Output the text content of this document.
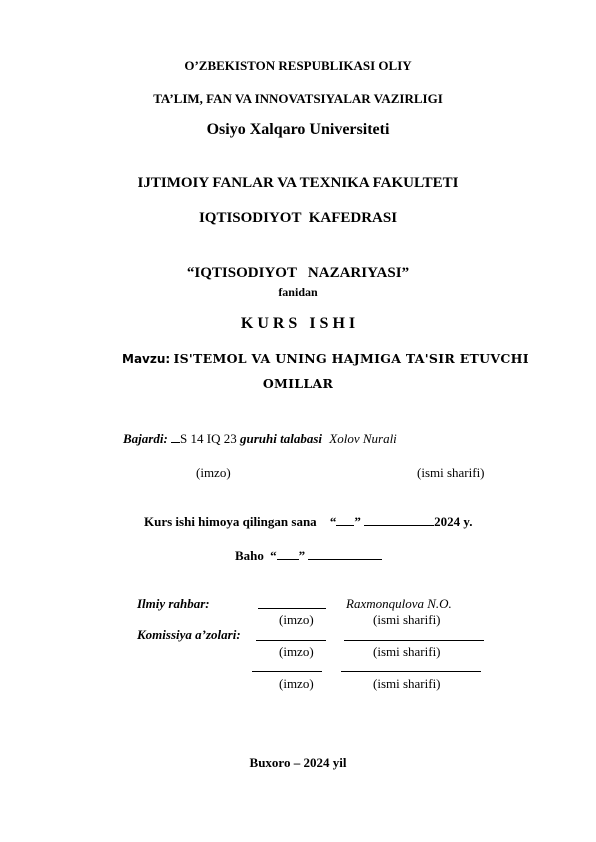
O’ZBEKISTON RESPUBLIKASI OLIY
TA’LIM, FAN VA INNOVATSIYALAR VAZIRLIGI
Osiyo Xalqaro Universiteti
IJTIMOIY FANLAR VA TEXNIKA FAKULTETI
IQTISODIYOT  KAFEDRASI
“IQTISODIYOT   NAZARIYASI”
fanidan
K U R S   I S H I
Mavzu: IS'TEMOL VA UNING HAJMIGA TA'SIR ETUVCHI
OMILLAR
Bajardi: S 14 IQ 23 guruhi talabasi Xolov Nurali
(imzo)	(ismi sharifi)
Kurs ishi himoya qilingan sana “ ”	2024 y.
Baho “ ”
Ilmiy rahbar:	Raxmonqulova N.O.
(imzo)	(ismi sharifi)
Komissiya a’zolari:
(imzo)	(ismi sharifi)
(imzo)	(ismi sharifi)
Buxoro – 2024 yil
